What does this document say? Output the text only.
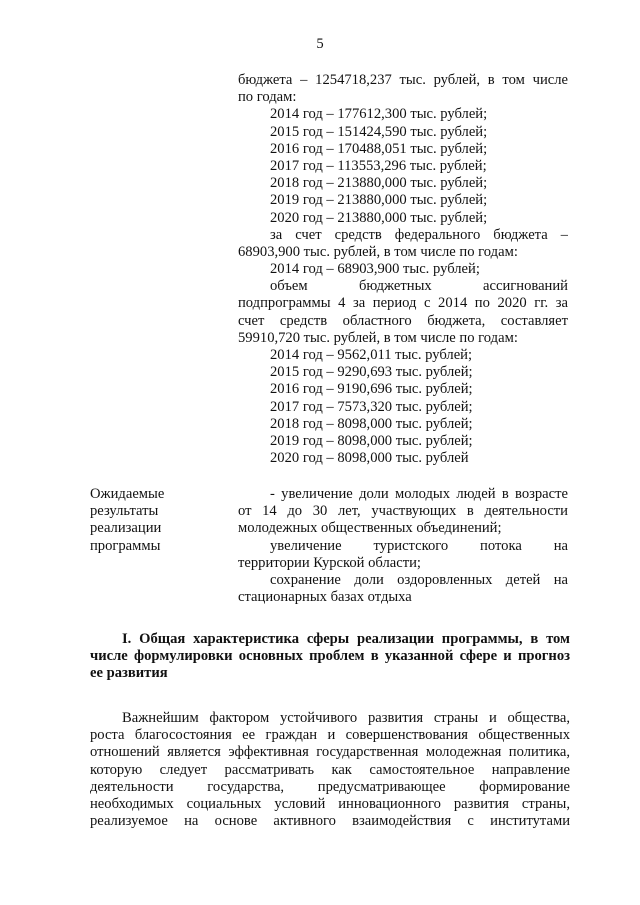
5
бюджета – 1254718,237 тыс. рублей, в том числе
по годам:
2014 год – 177612,300 тыс. рублей;
2015 год – 151424,590 тыс. рублей;
2016 год – 170488,051 тыс. рублей;
2017 год – 113553,296 тыс. рублей;
2018 год – 213880,000 тыс. рублей;
2019 год – 213880,000 тыс. рублей;
2020 год – 213880,000 тыс. рублей;
за счет средств федерального бюджета –
68903,900 тыс. рублей, в том числе по годам:
2014 год – 68903,900 тыс. рублей;
объем бюджетных ассигнований
подпрограммы 4 за период с 2014 по 2020 гг. за
счет средств областного бюджета, составляет
59910,720 тыс. рублей, в том числе по годам:
2014 год – 9562,011 тыс. рублей;
2015 год – 9290,693 тыс. рублей;
2016 год – 9190,696 тыс. рублей;
2017 год – 7573,320 тыс. рублей;
2018 год – 8098,000 тыс. рублей;
2019 год – 8098,000 тыс. рублей;
2020 год – 8098,000 тыс. рублей
Ожидаемые
результаты
реализации
программы
- увеличение доли молодых людей в возрасте
от 14 до 30 лет, участвующих в деятельности
молодежных общественных объединений;
увеличение туристского потока на
территории Курской области;
сохранение доли оздоровленных детей на
стационарных базах отдыха
I. Общая характеристика сферы реализации программы, в том
числе формулировки основных проблем в указанной сфере и прогноз
ее развития
Важнейшим фактором устойчивого развития страны и общества,
роста благосостояния ее граждан и совершенствования общественных
отношений является эффективная государственная молодежная политика,
которую следует рассматривать как самостоятельное направление
деятельности государства, предусматривающее формирование
необходимых социальных условий инновационного развития страны,
реализуемое на основе активного взаимодействия с институтами
